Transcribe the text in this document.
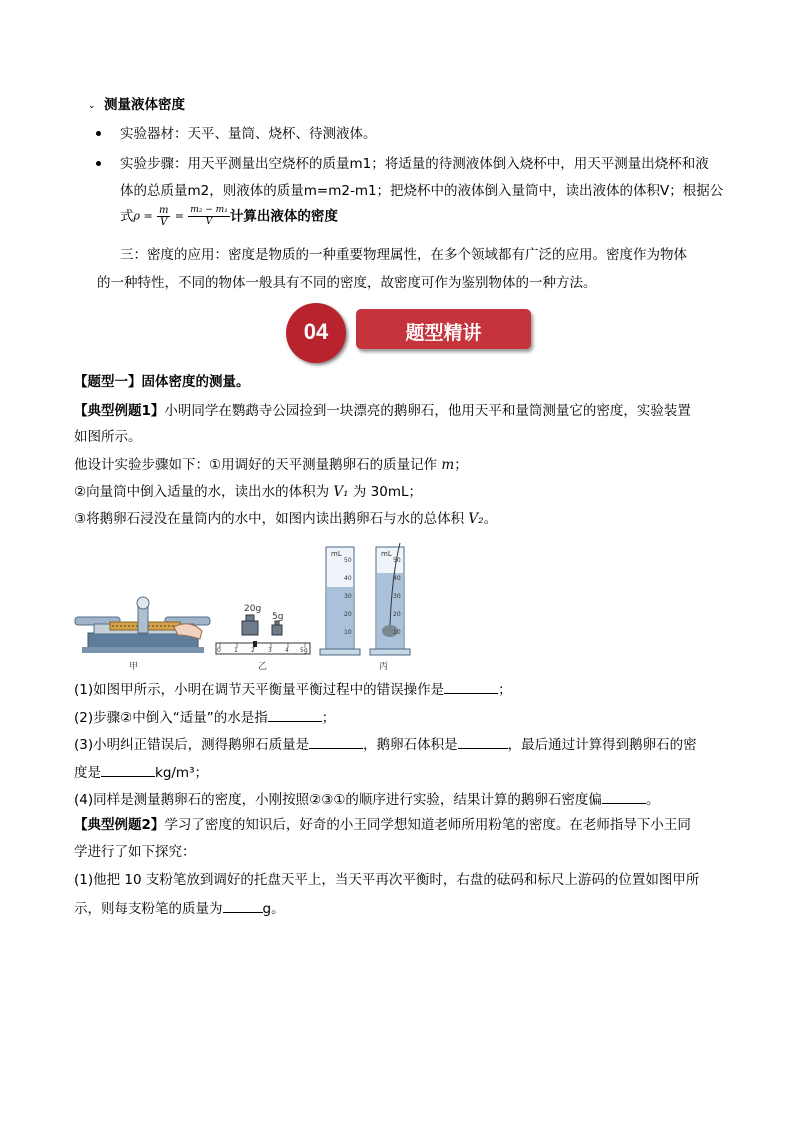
⌄ 测量液体密度
实验器材：天平、量筒、烧杯、待测液体。
实验步骤：用天平测量出空烧杯的质量m1；将适量的待测液体倒入烧杯中，用天平测量出烧杯和液
体的总质量m2，则液体的质量m=m2-m1；把烧杯中的液体倒入量筒中，读出液体的体积V；根据公
式$\rho = \frac{m}{V} = \frac{\text{m₂ − m₁}}{V}$ 计算出液体的密度
三：密度的应用：密度是物质的一种重要物理属性，在多个领域都有广泛的应用。密度作为物体
的一种特性，不同的物体一般具有不同的密度，故密度可作为鉴别物体的一种方法。
04	题型精讲
【题型一】固体密度的测量。
【典型例题1】小明同学在鹦鹉寺公园捡到一块漂亮的鹅卵石，他用天平和量筒测量它的密度，实验装置
如图所示。
他设计实验步骤如下：①用调好的天平测量鹅卵石的质量记作 m；
②向量筒中倒入适量的水，读出水的体积为 V₁ 为 30mL；
③将鹅卵石浸没在量筒内的水中，如图内读出鹅卵石与水的总体积 V₂。
甲	乙	丙
20g
5g
mL	mL
0 1 2 3 4 5g
50
40
30
20
10
50
40
30
20
10
(1)如图甲所示，小明在调节天平衡量平衡过程中的错误操作是	；
(2)步骤②中倒入“适量”的水是指	；
(3)小明纠正错误后，测得鹅卵石质量是	，鹅卵石体积是	，最后通过计算得到鹅卵石的密
度是	kg/m³；
(4)同样是测量鹅卵石的密度，小刚按照②③①的顺序进行实验，结果计算的鹅卵石密度偏	。
【典型例题2】学习了密度的知识后，好奇的小王同学想知道老师所用粉笔的密度。在老师指导下小王同
学进行了如下探究：
(1)他把 10 支粉笔放到调好的托盘天平上，当天平再次平衡时，右盘的砝码和标尺上游码的位置如图甲所
示，则每支粉笔的质量为	g。
